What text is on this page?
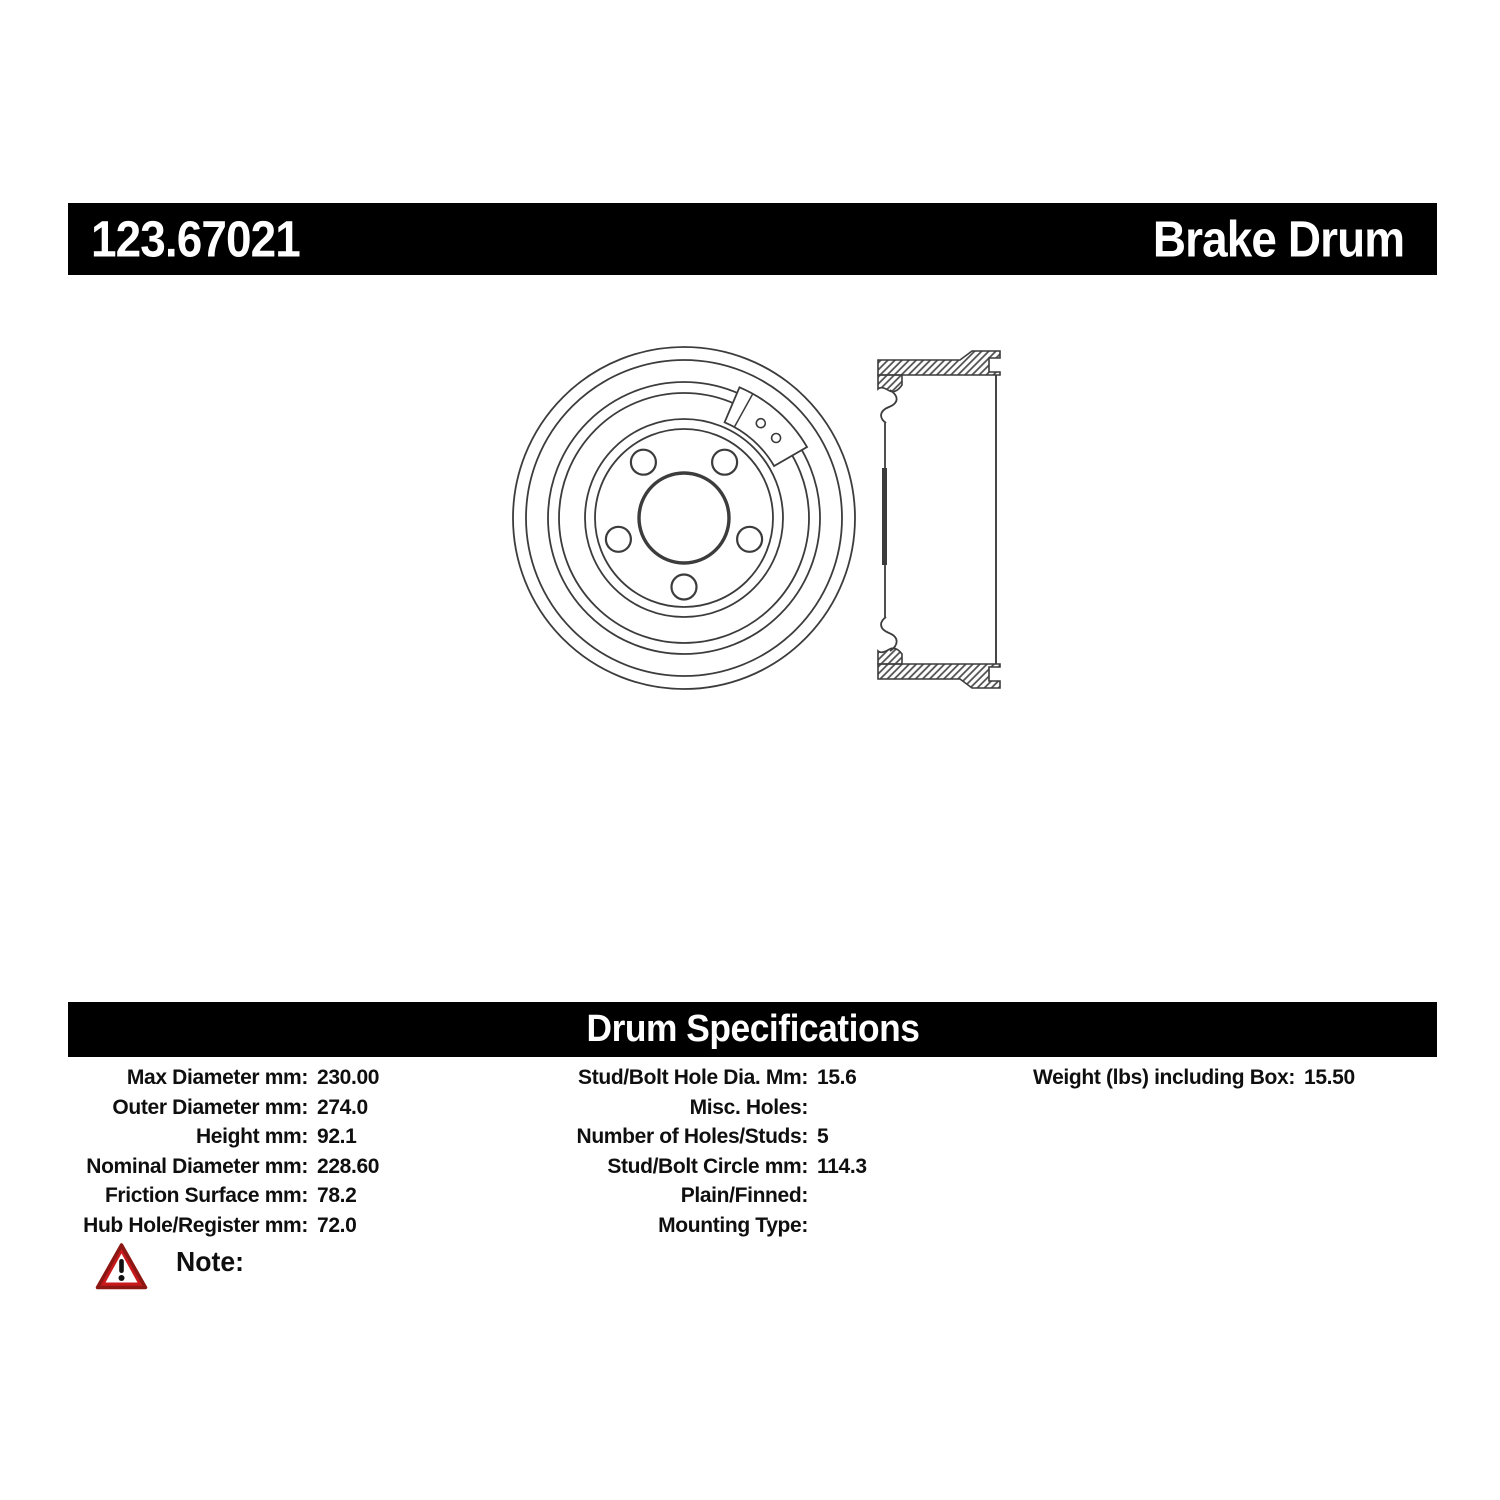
123.67021	Brake Drum
Drum Specifications
Max Diameter mm: 230.00
Outer Diameter mm: 274.0
Height mm: 92.1
Nominal Diameter mm: 228.60
Friction Surface mm: 78.2
Hub Hole/Register mm: 72.0
Stud/Bolt Hole Dia. Mm: 15.6
Misc. Holes:
Number of Holes/Studs: 5
Stud/Bolt Circle mm: 114.3
Plain/Finned:
Mounting Type:
Weight (lbs) including Box: 15.50
Note:
